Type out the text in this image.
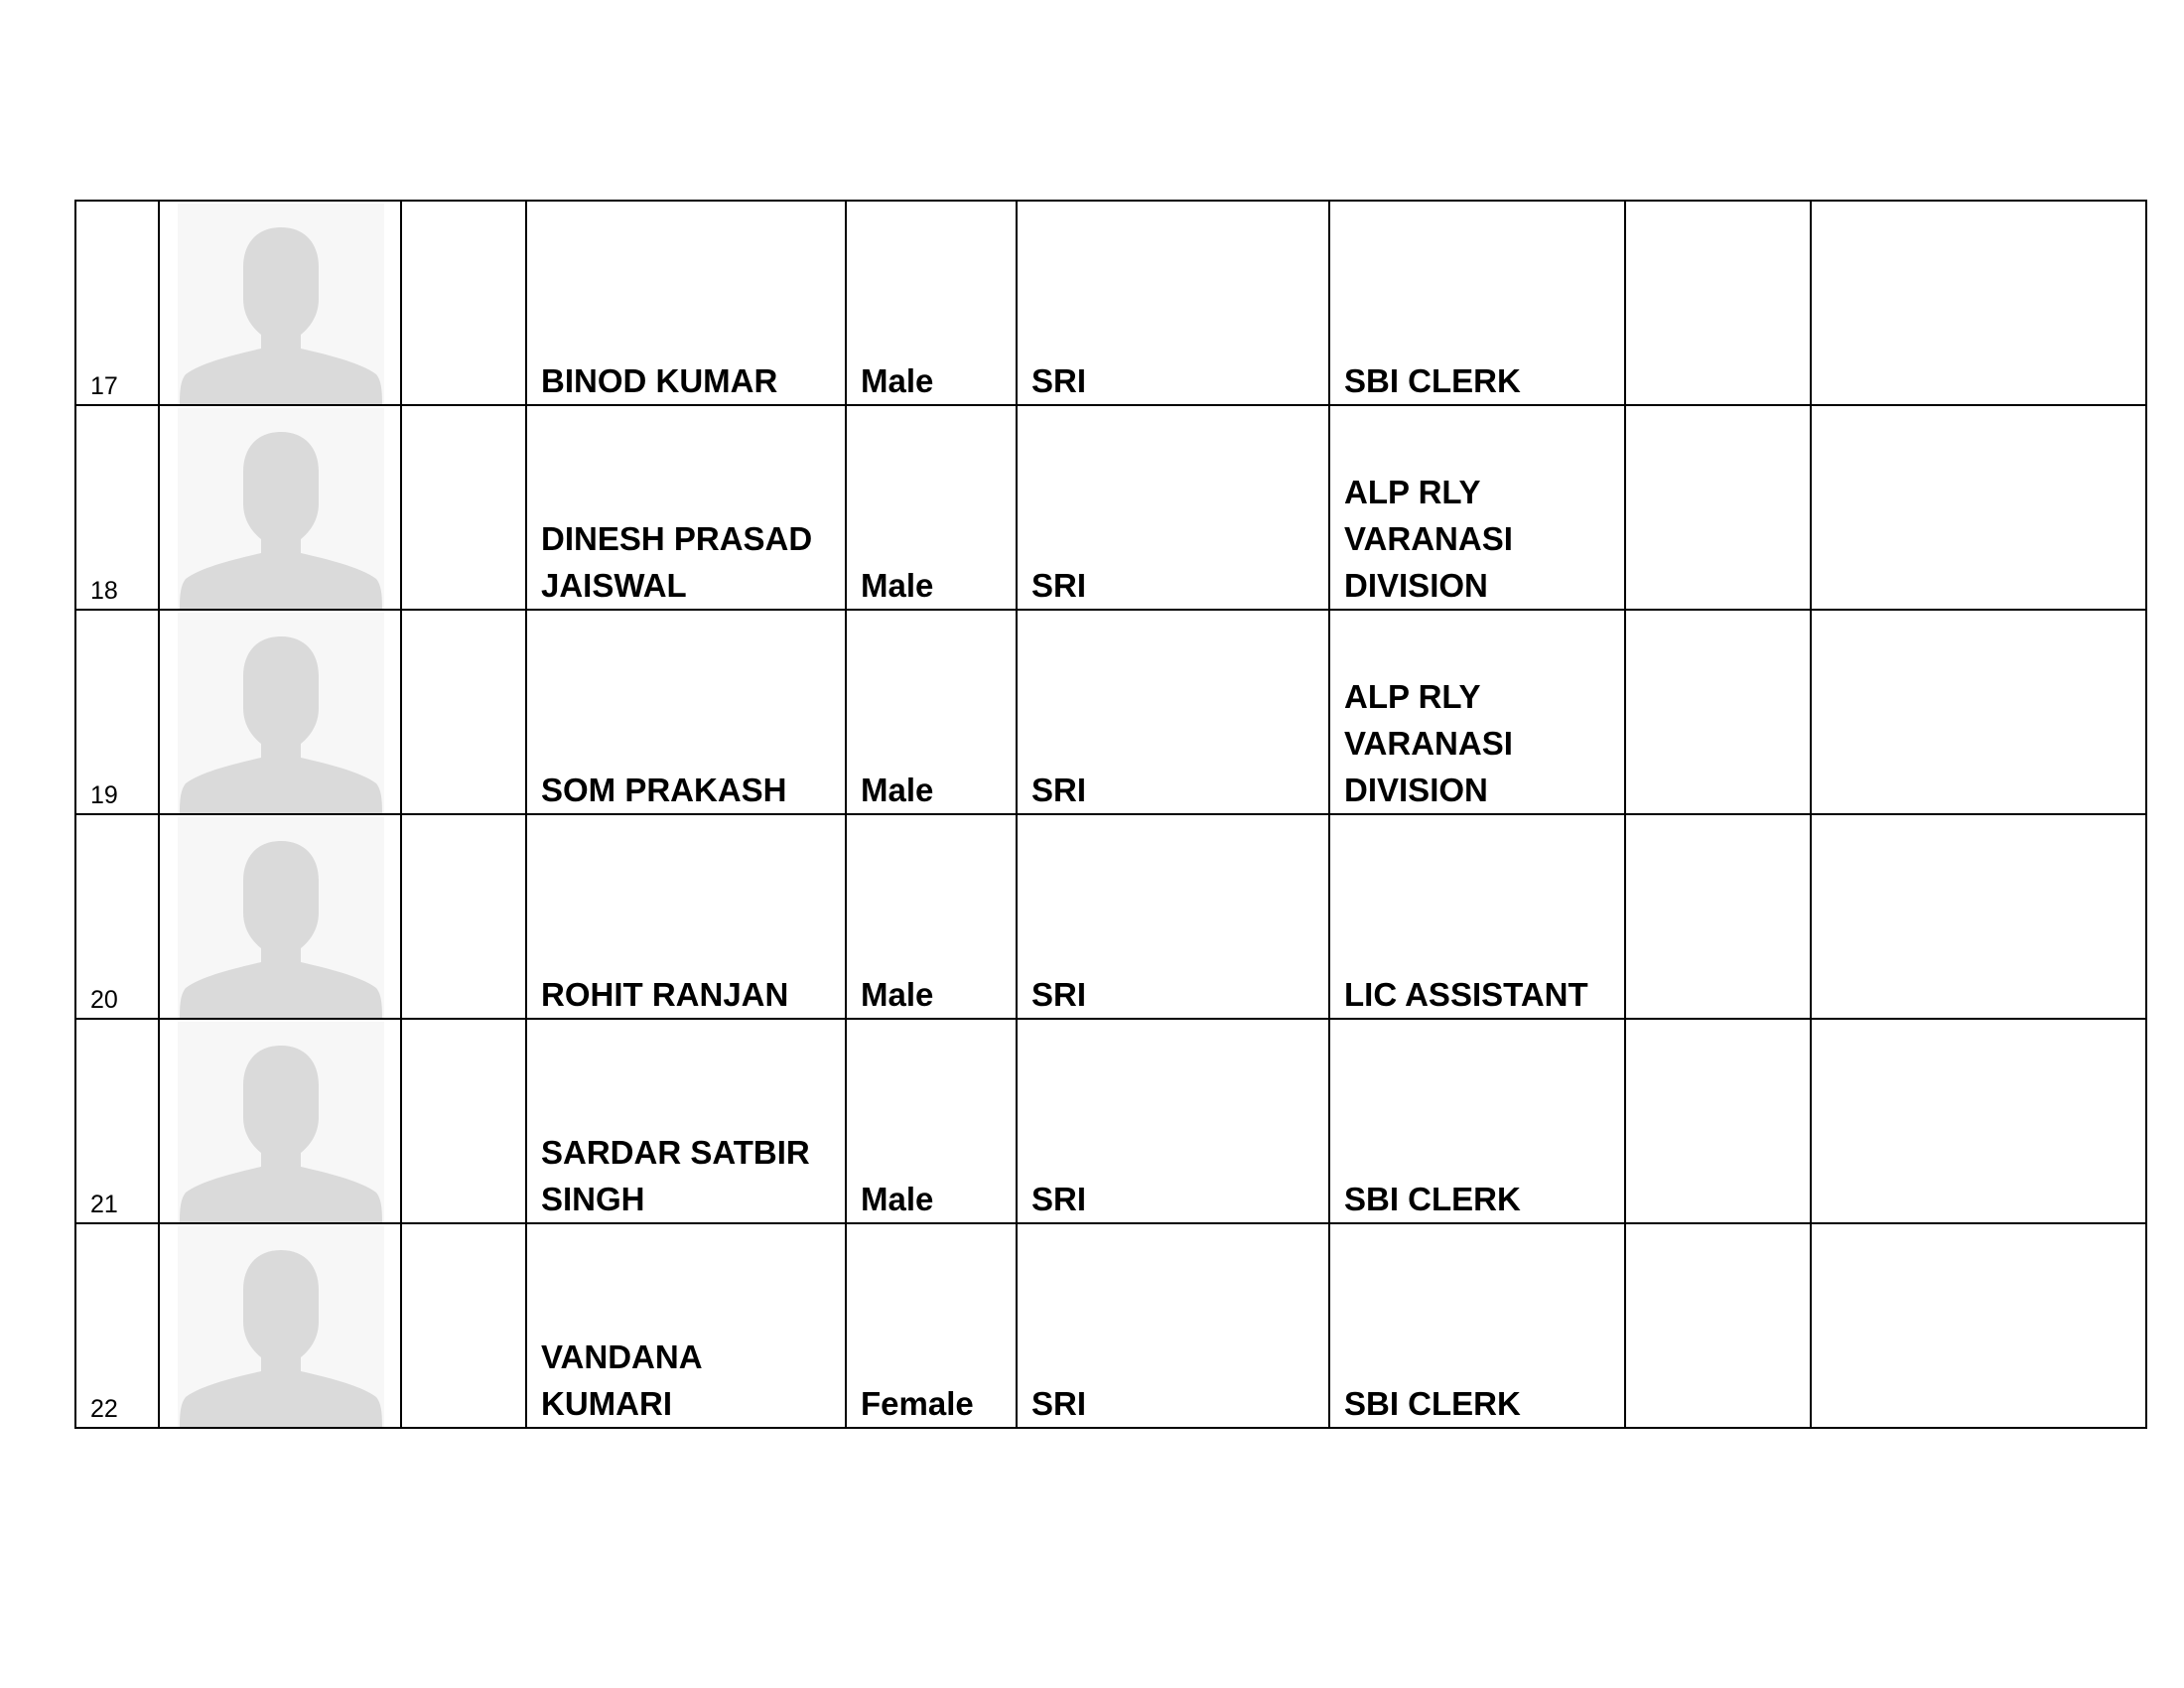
17			BINOD KUMAR	Male	SRI	SBI CLERK		

18			DINESH PRASAD
JAISWAL	Male	SRI	ALP RLY
VARANASI
DIVISION		

19			SOM PRAKASH	Male	SRI	ALP RLY
VARANASI
DIVISION		

20			ROHIT RANJAN	Male	SRI	LIC ASSISTANT		

21			SARDAR SATBIR
SINGH	Male	SRI	SBI CLERK		

22			VANDANA
KUMARI	Female	SRI	SBI CLERK		
